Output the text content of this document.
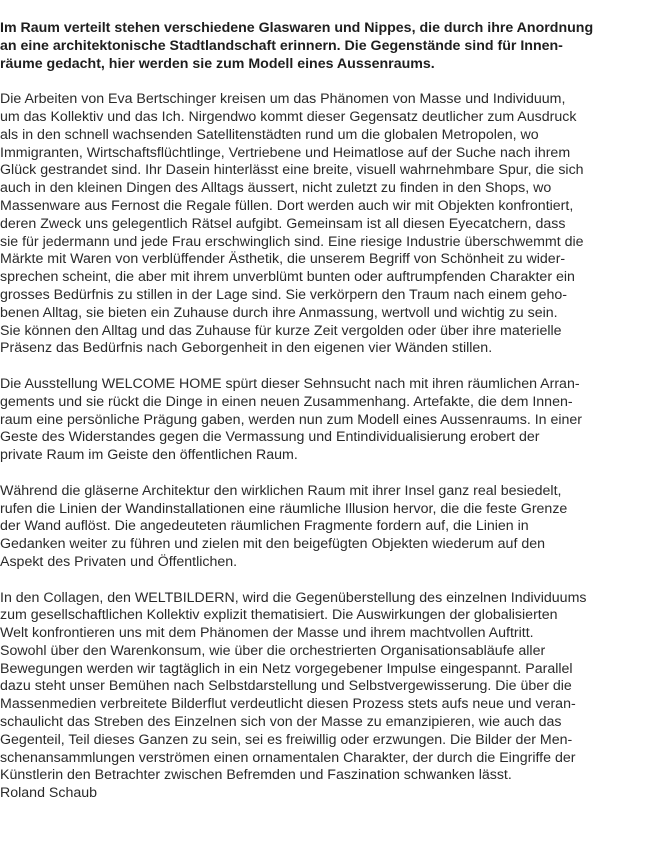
Im Raum verteilt stehen verschiedene Glaswaren und Nippes, die durch ihre Anordnung
an eine architektonische Stadtlandschaft erinnern. Die Gegenstände sind für Innen-
räume gedacht, hier werden sie zum Modell eines Aussenraums.
Die Arbeiten von Eva Bertschinger kreisen um das Phänomen von Masse und Individuum,
um das Kollektiv und das Ich. Nirgendwo kommt dieser Gegensatz deutlicher zum Ausdruck
als in den schnell wachsenden Satellitenstädten rund um die globalen Metropolen, wo
Immigranten, Wirtschaftsflüchtlinge, Vertriebene und Heimatlose auf der Suche nach ihrem
Glück gestrandet sind. Ihr Dasein hinterlässt eine breite, visuell wahrnehmbare Spur, die sich
auch in den kleinen Dingen des Alltags äussert, nicht zuletzt zu finden in den Shops, wo
Massenware aus Fernost die Regale füllen. Dort werden auch wir mit Objekten konfrontiert,
deren Zweck uns gelegentlich Rätsel aufgibt. Gemeinsam ist all diesen Eyecatchern, dass
sie für jedermann und jede Frau erschwinglich sind. Eine riesige Industrie überschwemmt die
Märkte mit Waren von verblüffender Ästhetik, die unserem Begriff von Schönheit zu wider-
sprechen scheint, die aber mit ihrem unverblümt bunten oder auftrumpfenden Charakter ein
grosses Bedürfnis zu stillen in der Lage sind. Sie verkörpern den Traum nach einem geho-
benen Alltag, sie bieten ein Zuhause durch ihre Anmassung, wertvoll und wichtig zu sein.
Sie können den Alltag und das Zuhause für kurze Zeit vergolden oder über ihre materielle
Präsenz das Bedürfnis nach Geborgenheit in den eigenen vier Wänden stillen.
Die Ausstellung WELCOME HOME spürt dieser Sehnsucht nach mit ihren räumlichen Arran-
gements und sie rückt die Dinge in einen neuen Zusammenhang. Artefakte, die dem Innen-
raum eine persönliche Prägung gaben, werden nun zum Modell eines Aussenraums. In einer
Geste des Widerstandes gegen die Vermassung und Entindividualisierung erobert der
private Raum im Geiste den öffentlichen Raum.
Während die gläserne Architektur den wirklichen Raum mit ihrer Insel ganz real besiedelt,
rufen die Linien der Wandinstallationen eine räumliche Illusion hervor, die die feste Grenze
der Wand auflöst. Die angedeuteten räumlichen Fragmente fordern auf, die Linien in
Gedanken weiter zu führen und zielen mit den beigefügten Objekten wiederum auf den
Aspekt des Privaten und Öffentlichen.
In den Collagen, den WELTBILDERN, wird die Gegenüberstellung des einzelnen Individuums
zum gesellschaftlichen Kollektiv explizit thematisiert. Die Auswirkungen der globalisierten
Welt konfrontieren uns mit dem Phänomen der Masse und ihrem machtvollen Auftritt.
Sowohl über den Warenkonsum, wie über die orchestrierten Organisationsabläufe aller
Bewegungen werden wir tagtäglich in ein Netz vorgegebener Impulse eingespannt. Parallel
dazu steht unser Bemühen nach Selbstdarstellung und Selbstvergewisserung. Die über die
Massenmedien verbreitete Bilderflut verdeutlicht diesen Prozess stets aufs neue und veran-
schaulicht das Streben des Einzelnen sich von der Masse zu emanzipieren, wie auch das
Gegenteil, Teil dieses Ganzen zu sein, sei es freiwillig oder erzwungen. Die Bilder der Men-
schenansammlungen verströmen einen ornamentalen Charakter, der durch die Eingriffe der
Künstlerin den Betrachter zwischen Befremden und Faszination schwanken lässt.
Roland Schaub
